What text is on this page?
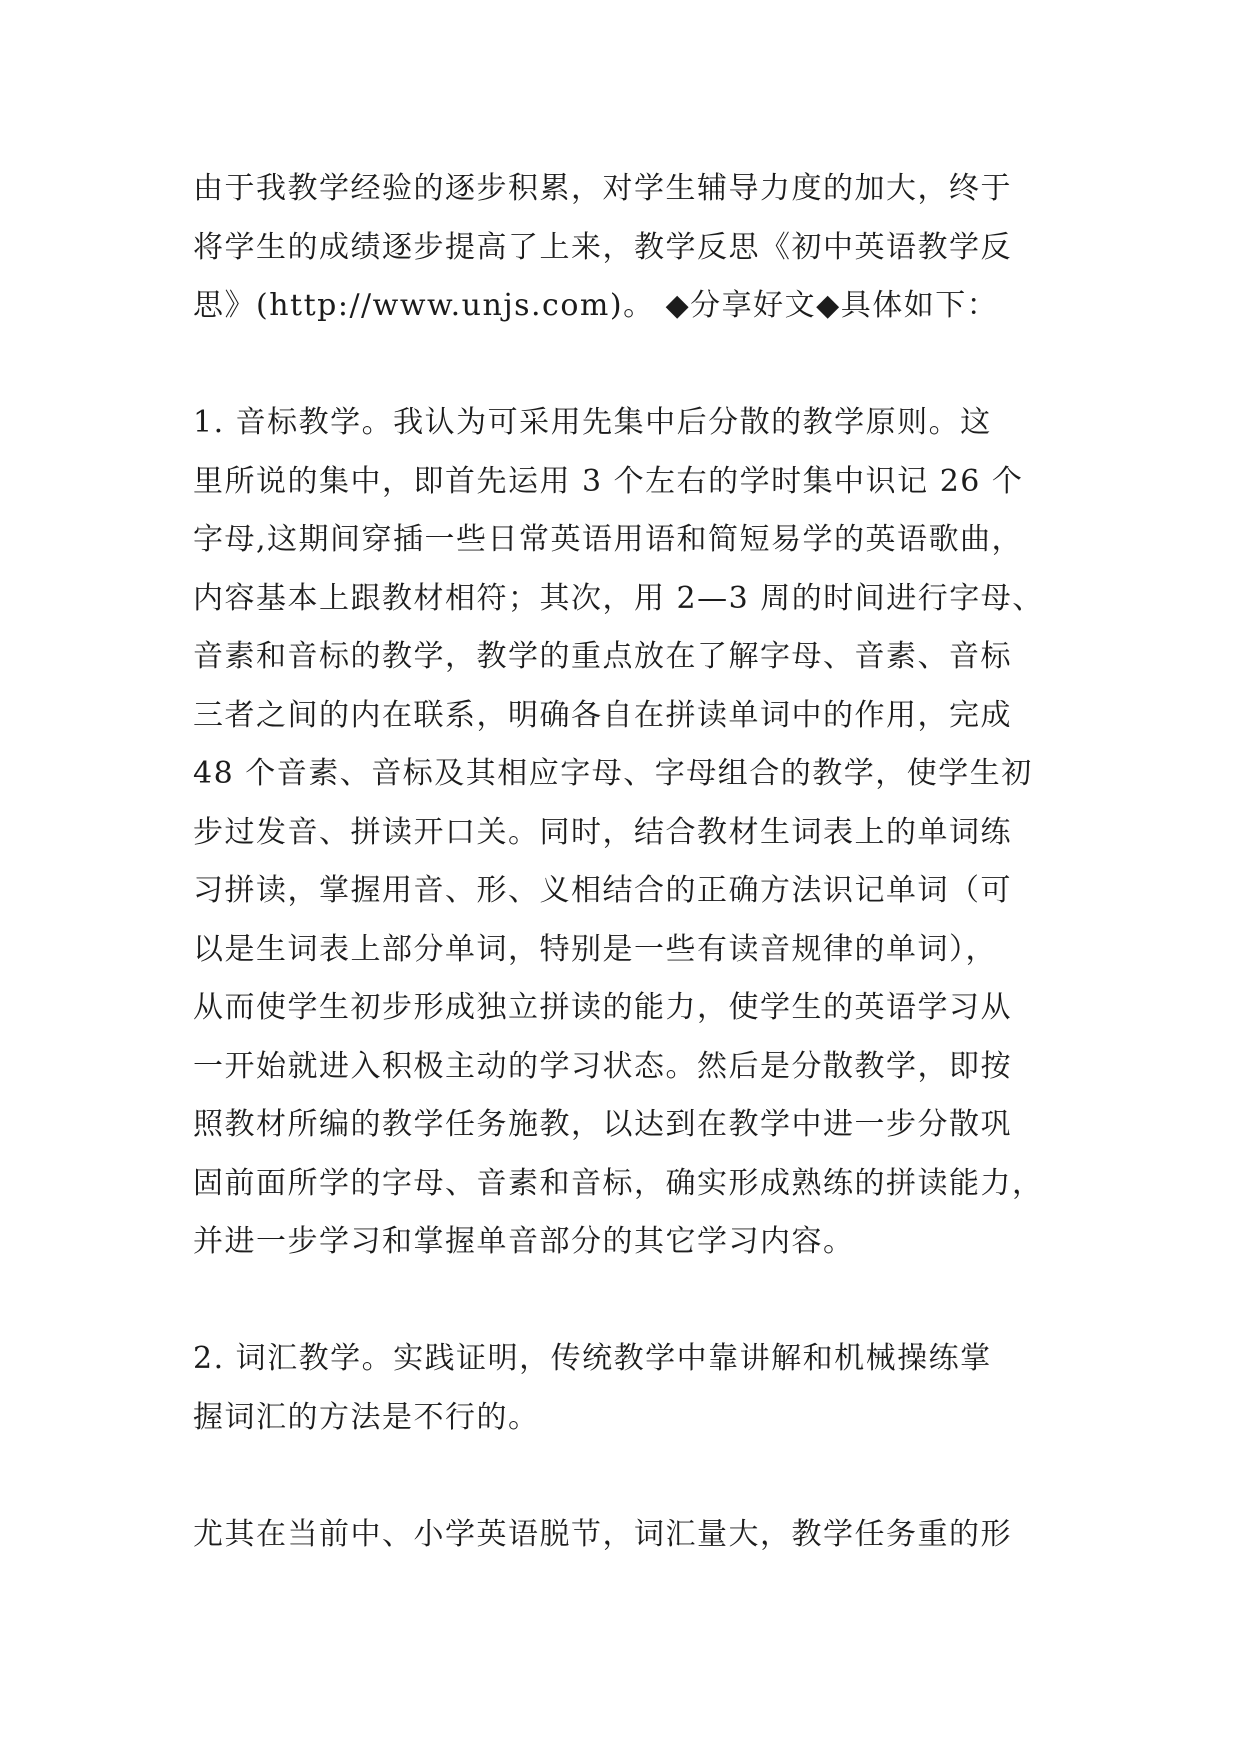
由于我教学经验的逐步积累，对学生辅导力度的加大，终于
将学生的成绩逐步提高了上来，教学反思《初中英语教学反
思》(http://www.unjs.com)。 ◆分享好文◆具体如下：
1. 音标教学。我认为可采用先集中后分散的教学原则。这
里所说的集中，即首先运用 3 个左右的学时集中识记 26 个
字母,这期间穿插一些日常英语用语和简短易学的英语歌曲，
内容基本上跟教材相符；其次，用 2—3 周的时间进行字母、
音素和音标的教学，教学的重点放在了解字母、音素、音标
三者之间的内在联系，明确各自在拼读单词中的作用，完成
48 个音素、音标及其相应字母、字母组合的教学，使学生初
步过发音、拼读开口关。同时，结合教材生词表上的单词练
习拼读，掌握用音、形、义相结合的正确方法识记单词（可
以是生词表上部分单词，特别是一些有读音规律的单词），
从而使学生初步形成独立拼读的能力，使学生的英语学习从
一开始就进入积极主动的学习状态。然后是分散教学，即按
照教材所编的教学任务施教，以达到在教学中进一步分散巩
固前面所学的字母、音素和音标，确实形成熟练的拼读能力，
并进一步学习和掌握单音部分的其它学习内容。
2. 词汇教学。实践证明，传统教学中靠讲解和机械操练掌
握词汇的方法是不行的。
尤其在当前中、小学英语脱节，词汇量大，教学任务重的形
